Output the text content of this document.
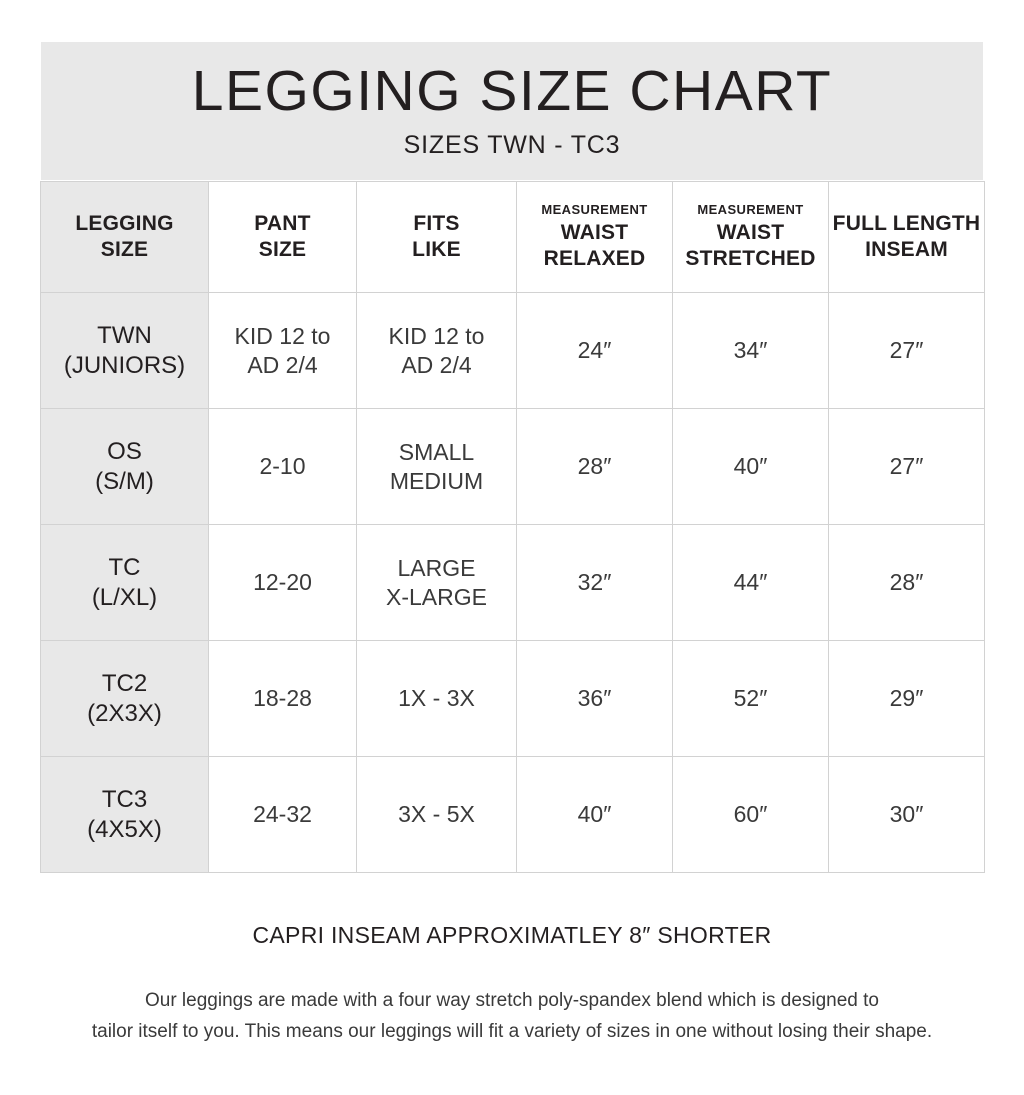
LEGGING SIZE CHART
SIZES TWN - TC3
LEGGING
SIZE	PANT
SIZE	FITS
LIKE	MEASUREMENT
WAIST
RELAXED	MEASUREMENT
WAIST
STRETCHED	FULL LENGTH
INSEAM

TWN
(JUNIORS)	KID 12 to
AD 2/4	KID 12 to
AD 2/4	24″	34″	27″

OS
(S/M)	2-10	SMALL
MEDIUM	28″	40″	27″

TC
(L/XL)	12-20	LARGE
X-LARGE	32″	44″	28″

TC2
(2X3X)	18-28	1X - 3X	36″	52″	29″

TC3
(4X5X)	24-32	3X - 5X	40″	60″	30″
CAPRI INSEAM APPROXIMATLEY 8″ SHORTER
Our leggings are made with a four way stretch poly-spandex blend which is designed to
tailor itself to you. This means our leggings will fit a variety of sizes in one without losing their shape.
